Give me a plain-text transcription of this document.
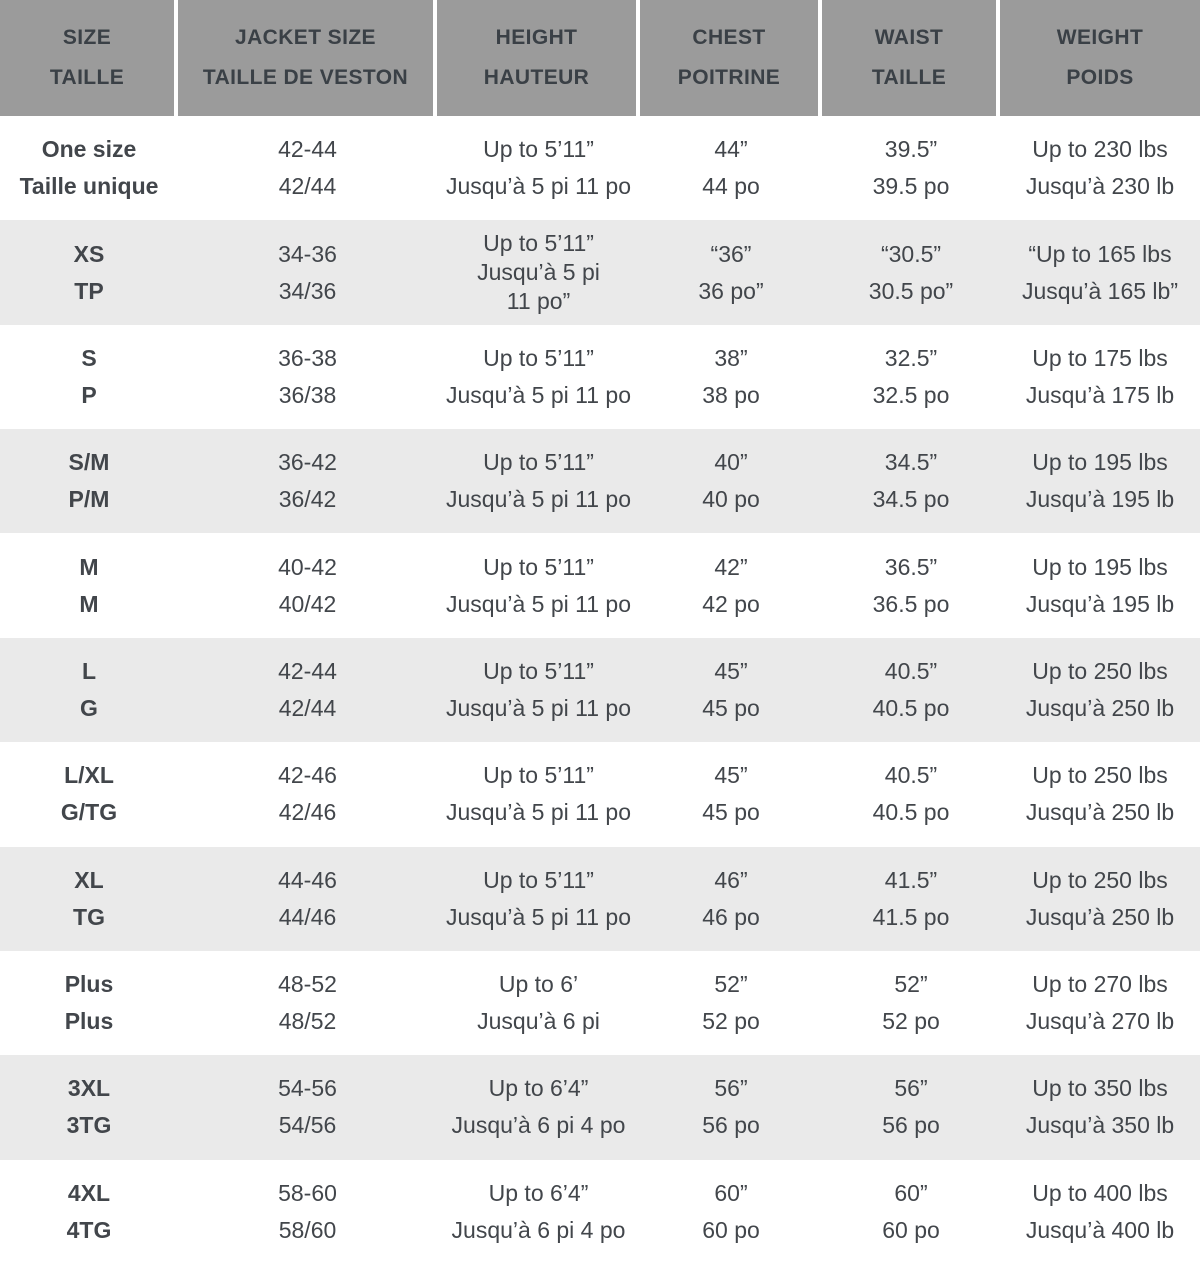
SIZE
TAILLE
JACKET SIZE
TAILLE DE VESTON
HEIGHT
HAUTEUR
CHEST
POITRINE
WAIST
TAILLE
WEIGHT
POIDS
One size
Taille unique
42-44
42/44
Up to 5’11”
Jusqu’à 5 pi 11 po
44”
44 po
39.5”
39.5 po
Up to 230 lbs
Jusqu’à 230 lb
XS
TP
34-36
34/36
Up to 5’11”
Jusqu’à 5 pi
11 po”
“36”
36 po”
“30.5”
30.5 po”
“Up to 165 lbs
Jusqu’à 165 lb”
S
P
36-38
36/38
Up to 5’11”
Jusqu’à 5 pi 11 po
38”
38 po
32.5”
32.5 po
Up to 175 lbs
Jusqu’à 175 lb
S/M
P/M
36-42
36/42
Up to 5’11”
Jusqu’à 5 pi 11 po
40”
40 po
34.5”
34.5 po
Up to 195 lbs
Jusqu’à 195 lb
M
M
40-42
40/42
Up to 5’11”
Jusqu’à 5 pi 11 po
42”
42 po
36.5”
36.5 po
Up to 195 lbs
Jusqu’à 195 lb
L
G
42-44
42/44
Up to 5’11”
Jusqu’à 5 pi 11 po
45”
45 po
40.5”
40.5 po
Up to 250 lbs
Jusqu’à 250 lb
L/XL
G/TG
42-46
42/46
Up to 5’11”
Jusqu’à 5 pi 11 po
45”
45 po
40.5”
40.5 po
Up to 250 lbs
Jusqu’à 250 lb
XL
TG
44-46
44/46
Up to 5’11”
Jusqu’à 5 pi 11 po
46”
46 po
41.5”
41.5 po
Up to 250 lbs
Jusqu’à 250 lb
Plus
Plus
48-52
48/52
Up to 6’
Jusqu’à 6 pi
52”
52 po
52”
52 po
Up to 270 lbs
Jusqu’à 270 lb
3XL
3TG
54-56
54/56
Up to 6’4”
Jusqu’à 6 pi 4 po
56”
56 po
56”
56 po
Up to 350 lbs
Jusqu’à 350 lb
4XL
4TG
58-60
58/60
Up to 6’4”
Jusqu’à 6 pi 4 po
60”
60 po
60”
60 po
Up to 400 lbs
Jusqu’à 400 lb
